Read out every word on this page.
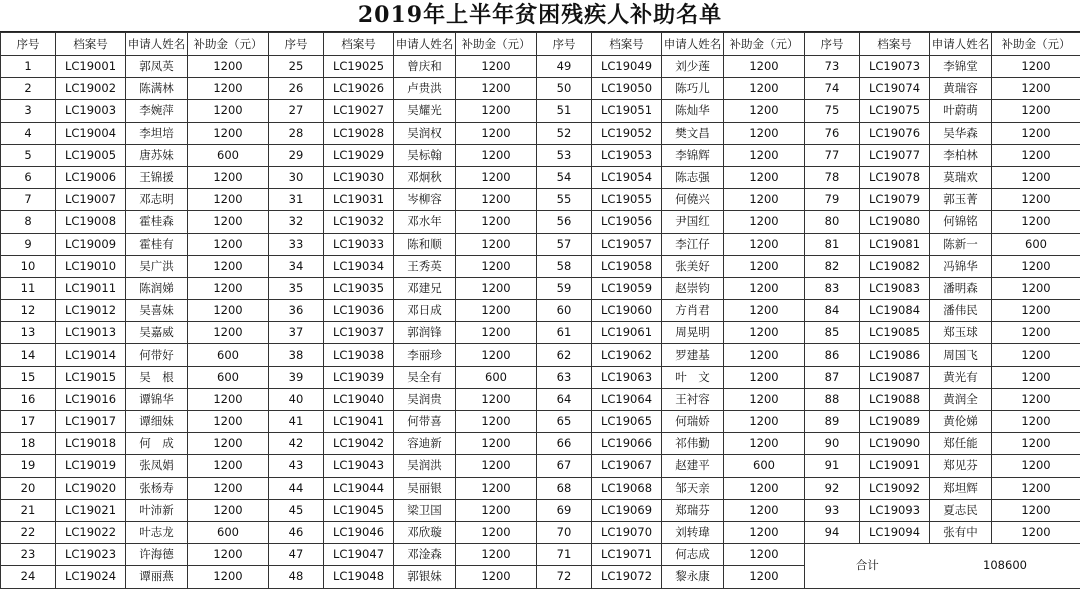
2019年上半年贫困残疾人补助名单
序号	档案号	申请人姓名	补助金（元）	序号	档案号	申请人姓名	补助金（元）	序号	档案号	申请人姓名	补助金（元）	序号	档案号	申请人姓名	补助金（元）
1	LC19001	郭凤英	1200	25	LC19025	曾庆和	1200	49	LC19049	刘少莲	1200	73	LC19073	李锦堂	1200
2	LC19002	陈满林	1200	26	LC19026	卢贵洪	1200	50	LC19050	陈巧儿	1200	74	LC19074	黄瑞容	1200
3	LC19003	李婉萍	1200	27	LC19027	吴耀光	1200	51	LC19051	陈灿华	1200	75	LC19075	叶蔚萌	1200
4	LC19004	李坦培	1200	28	LC19028	吴润权	1200	52	LC19052	樊文昌	1200	76	LC19076	吴华森	1200
5	LC19005	唐苏妹	600	29	LC19029	吴标翰	1200	53	LC19053	李锦辉	1200	77	LC19077	李柏林	1200
6	LC19006	王锦援	1200	30	LC19030	邓炯秋	1200	54	LC19054	陈志强	1200	78	LC19078	莫瑞欢	1200
7	LC19007	邓志明	1200	31	LC19031	岑柳容	1200	55	LC19055	何僥兴	1200	79	LC19079	郭玉菁	1200
8	LC19008	霍桂森	1200	32	LC19032	邓水年	1200	56	LC19056	尹国红	1200	80	LC19080	何锦铭	1200
9	LC19009	霍桂有	1200	33	LC19033	陈和顺	1200	57	LC19057	李江仔	1200	81	LC19081	陈新一	600
10	LC19010	吴广洪	1200	34	LC19034	王秀英	1200	58	LC19058	张美好	1200	82	LC19082	冯锦华	1200
11	LC19011	陈润娣	1200	35	LC19035	邓建兄	1200	59	LC19059	赵崇钧	1200	83	LC19083	潘明森	1200
12	LC19012	吴喜妹	1200	36	LC19036	邓日成	1200	60	LC19060	方肖君	1200	84	LC19084	潘伟民	1200
13	LC19013	吴嘉威	1200	37	LC19037	郭润锋	1200	61	LC19061	周晃明	1200	85	LC19085	郑玉球	1200
14	LC19014	何带好	600	38	LC19038	李丽珍	1200	62	LC19062	罗建基	1200	86	LC19086	周国飞	1200
15	LC19015	吴　根	600	39	LC19039	吴全有	600	63	LC19063	叶　文	1200	87	LC19087	黄光有	1200
16	LC19016	谭锦华	1200	40	LC19040	吴润贵	1200	64	LC19064	王衬容	1200	88	LC19088	黄润全	1200
17	LC19017	谭细妹	1200	41	LC19041	何带喜	1200	65	LC19065	何瑞娇	1200	89	LC19089	黄伦娣	1200
18	LC19018	何　成	1200	42	LC19042	容迪新	1200	66	LC19066	祁伟勤	1200	90	LC19090	郑任能	1200
19	LC19019	张凤娟	1200	43	LC19043	吴润洪	1200	67	LC19067	赵建平	600	91	LC19091	郑见芬	1200
20	LC19020	张杨寿	1200	44	LC19044	吴丽银	1200	68	LC19068	邹天亲	1200	92	LC19092	郑坦辉	1200
21	LC19021	叶沛新	1200	45	LC19045	梁卫国	1200	69	LC19069	郑瑞芬	1200	93	LC19093	夏志民	1200
22	LC19022	叶志龙	600	46	LC19046	邓欣璇	1200	70	LC19070	刘转瑋	1200	94	LC19094	张有中	1200
23	LC19023	许海德	1200	47	LC19047	邓淦森	1200	71	LC19071	何志成	1200	合计		108600	
24	LC19024	谭丽燕	1200	48	LC19048	郭银妹	1200	72	LC19072	黎永康	1200				
